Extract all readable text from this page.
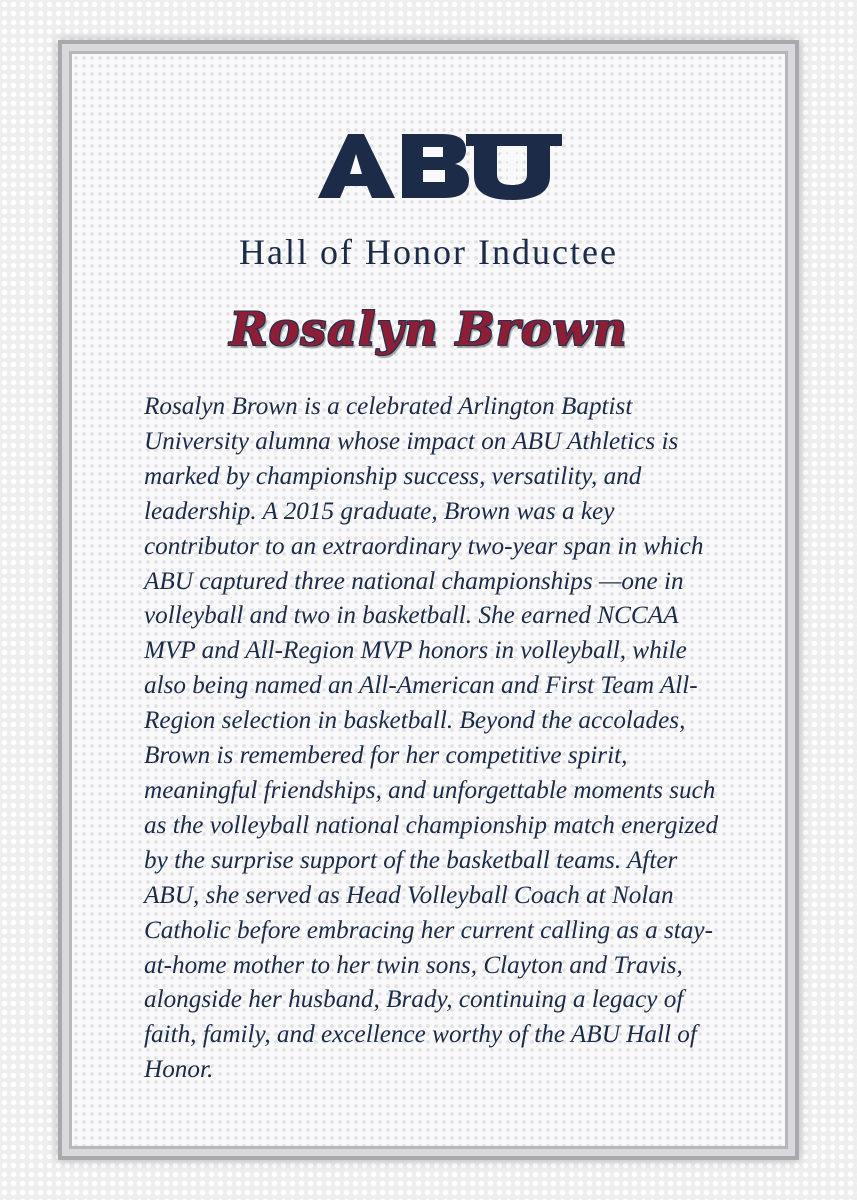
Hall of Honor Inductee
Rosalyn Brown

Rosalyn Brown is a celebrated Arlington Baptist University alumna whose impact on ABU Athletics is marked by championship success, versatility, and leadership. A 2015 graduate, Brown was a key contributor to an extraordinary two-year span in which ABU captured three national championships —one in volleyball and two in basketball. She earned NCCAA MVP and All-Region MVP honors in volleyball, while also being named an All-American and First Team All-Region selection in basketball. Beyond the accolades, Brown is remembered for her competitive spirit, meaningful friendships, and unforgettable moments such as the volleyball national championship match energized by the surprise support of the basketball teams. After ABU, she served as Head Volleyball Coach at Nolan Catholic before embracing her current calling as a stay-at-home mother to her twin sons, Clayton and Travis, alongside her husband, Brady, continuing a legacy of faith, family, and excellence worthy of the ABU Hall of Honor.
